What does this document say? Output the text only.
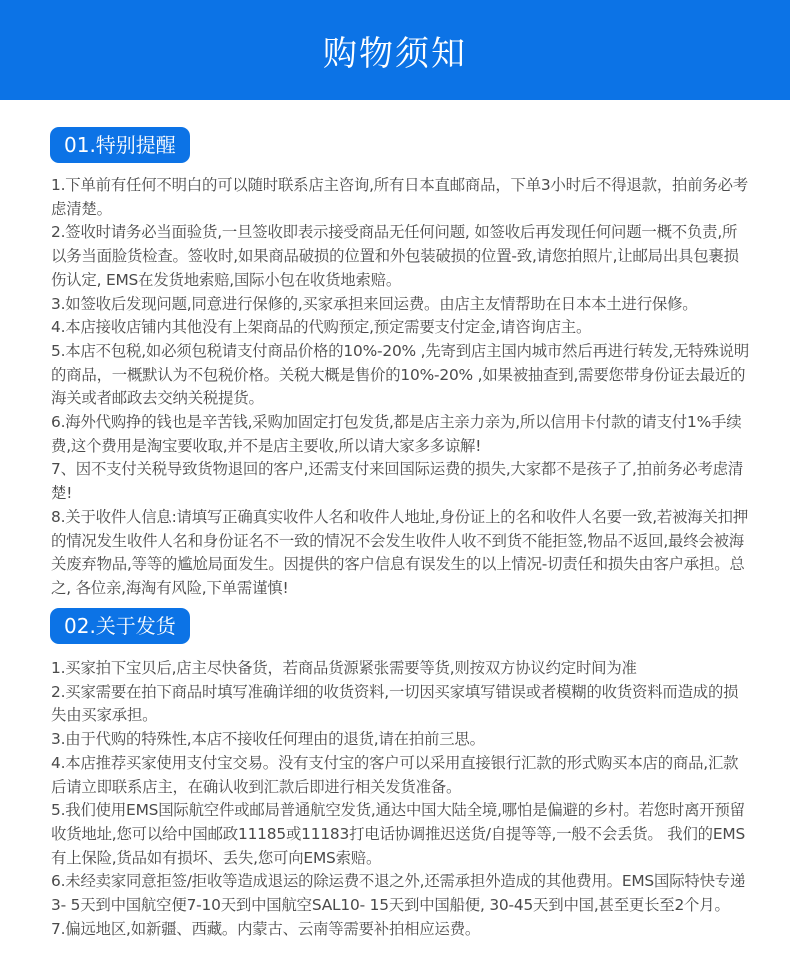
购物须知
01.特别提醒

1.下单前有任何不明白的可以随时联系店主咨询,所有日本直邮商品，下单3小时后不得退款，拍前务必考虑清楚。

2.签收时请务必当面验货,一旦签收即表示接受商品无任何问题, 如签收后再发现任何问题一概不负责,所以务当面脸货检查。签收时,如果商品破损的位置和外包装破损的位置-致,请您拍照片,让邮局出具包裹损伤认定, EMS在发货地索赔,国际小包在收货地索赔。

3.如签收后发现问题,同意进行保修的,买家承担来回运费。由店主友情帮助在日本本土进行保修。

4.本店接收店铺内其他没有上架商品的代购预定,预定需要支付定金,请咨询店主。

5.本店不包税,如必须包税请支付商品价格的10%-20% ,先寄到店主国内城市然后再进行转发,无特殊说明的商品，一概默认为不包税价格。关税大概是售价的10%-20% ,如果被抽查到,需要您带身份证去最近的海关或者邮政去交纳关税提货。

6.海外代购挣的钱也是辛苦钱,采购加固定打包发货,都是店主亲力亲为,所以信用卡付款的请支付1%手续费,这个费用是淘宝要收取,并不是店主要收,所以请大家多多谅解!

7、因不支付关税导致货物退回的客户,还需支付来回国际运费的损失,大家都不是孩子了,拍前务必考虑清楚!

8.关于收件人信息:请填写正确真实收件人名和收件人地址,身份证上的名和收件人名要一致,若被海关扣押的情况发生收件人名和身份证名不一致的情况不会发生收件人收不到货不能拒签,物品不返回,最终会被海关废弃物品,等等的尴尬局面发生。因提供的客户信息有误发生的以上情况-切责任和损失由客户承担。总之, 各位亲,海淘有风险,下单需谨慎!

02.关于发货

1.买家拍下宝贝后,店主尽快备货，若商品货源紧张需要等货,则按双方协议约定时间为准

2.买家需要在拍下商品时填写准确详细的收货资料,一切因买家填写错误或者模糊的收货资料而造成的损失由买家承担。

3.由于代购的特殊性,本店不接收任何理由的退货,请在拍前三思。

4.本店推荐买家使用支付宝交易。没有支付宝的客户可以采用直接银行汇款的形式购买本店的商品,汇款后请立即联系店主，在确认收到汇款后即进行相关发货准备。

5.我们使用EMS国际航空件或邮局普通航空发货,通达中国大陆全境,哪怕是偏避的乡村。若您时离开预留收货地址,您可以给中国邮政11185或11183打电话协调推迟送货/自提等等,一般不会丢货。 我们的EMS有上保险,货品如有损坏、丢失,您可向EMS索赔。

6.未经卖家同意拒签/拒收等造成退运的除运费不退之外,还需承担外造成的其他费用。EMS国际特快专递3- 5天到中国航空便7-10天到中国航空SAL10- 15天到中国船便, 30-45天到中国,甚至更长至2个月。

7.偏远地区,如新疆、西藏。内蒙古、云南等需要补拍相应运费。
